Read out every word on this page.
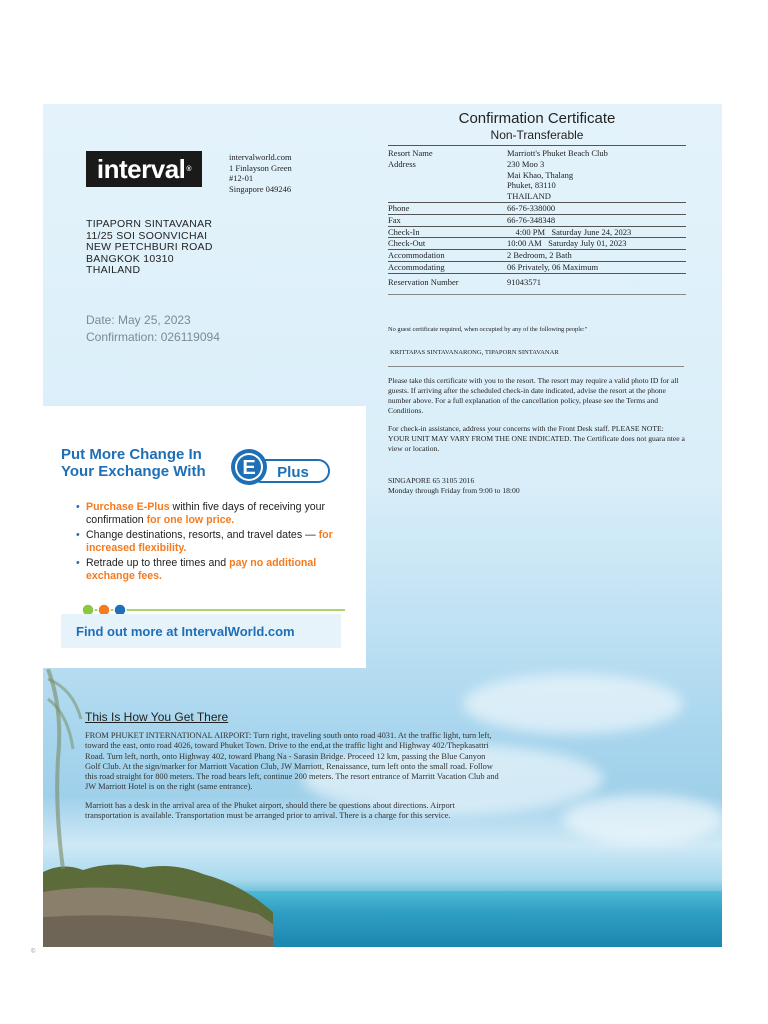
interval ®
intervalworld.com
1 Finlayson Green
#12-01
Singapore 049246
TIPAPORN SINTAVANAR
11/25 SOI SOONVICHAI
NEW PETCHBURI ROAD
BANGKOK 10310
THAILAND
Date: May 25, 2023
Confirmation: 026119094
Confirmation Certificate
Non-Transferable
Resort Name	Marriott's Phuket Beach Club
Address	230 Moo 3
Mai Khao, Thalang
Phuket, 83110
THAILAND
Phone	66-76-338000
Fax	66-76-348348
Check-In	4:00 PM   Saturday June 24, 2023
Check-Out	10:00 AM   Saturday July 01, 2023
Accommodation	2 Bedroom, 2 Bath
Accommodating	06 Privately, 06 Maximum
Reservation Number	91043571
No guest certificate required, when occupied by any of the following people:"
KRITTAPAS SINTAVANARONG, TIPAPORN SINTAVANAR
Please take this certificate with you to the resort. The resort may require a valid photo ID for all guests. If arriving after the scheduled check-in date indicated, advise the resort at the phone number above. For a full explanation of the cancellation policy, please see the Terms and Conditions.
For check-in assistance, address your concerns with the Front Desk staff. PLEASE NOTE: YOUR UNIT MAY VARY FROM THE ONE INDICATED. The Certificate does not guara ntee a view or location.
SINGAPORE 65 3105 2016
Monday through Friday from 9:00 to 18:00
Put More Change In
Your Exchange With E Plus
• Purchase E-Plus within five days of receiving your confirmation for one low price.
• Change destinations, resorts, and travel dates — for increased flexibility.
• Retrade up to three times and pay no additional exchange fees.
Find out more at IntervalWorld.com
This Is How You Get There

FROM PHUKET INTERNATIONAL AIRPORT: Turn right, traveling south onto road 4031. At the traffic light, turn left, toward the east, onto road 4026, toward Phuket Town. Drive to the end,at the traffic light and Highway 402/Thepkasattri Road. Turn left, north, onto Highway 402, toward Phang Na - Sarasin Bridge. Proceed 12 km, passing the Blue Canyon Golf Club. At the sign/marker for Marriott Vacation Club, JW Marriott, Renaissance, turn left onto the small road. Follow this road straight for 800 meters. The road bears left, continue 200 meters. The resort entrance of Marritt Vacation Club and JW Marriott Hotel is on the right (same entrance).

Marriott has a desk in the arrival area of the Phuket airport, should there be questions about directions. Airport transportation is available. Transportation must be arranged prior to arrival. There is a charge for this service.

©
